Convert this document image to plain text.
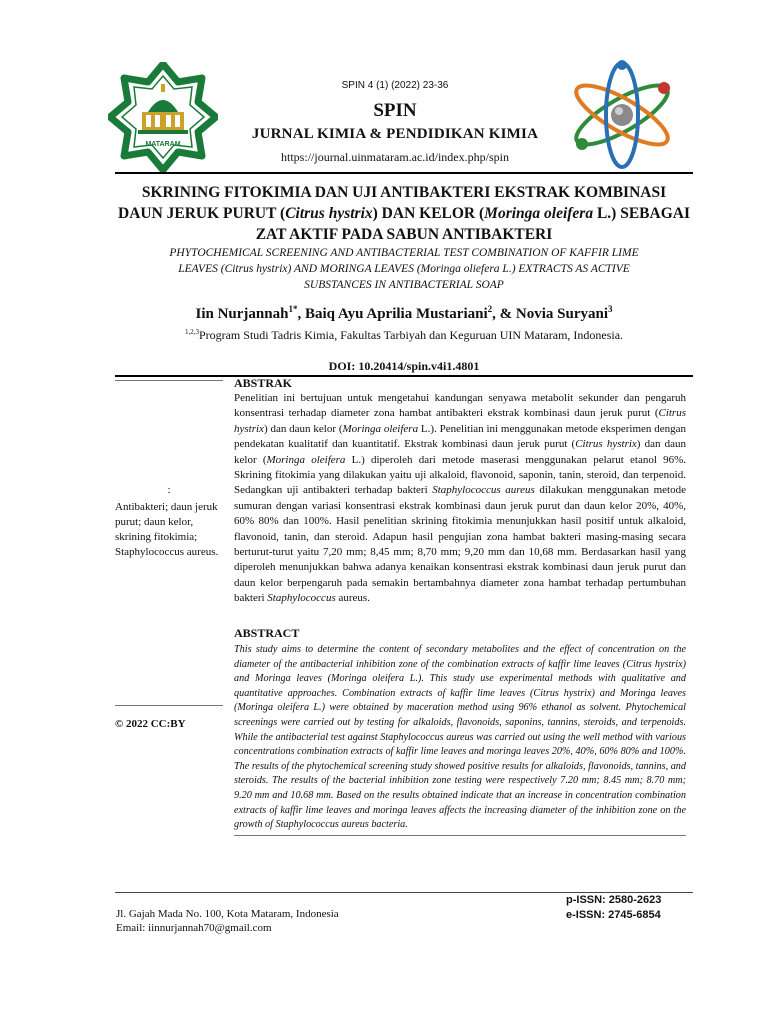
MATARAM
SPIN 4 (1) (2022) 23-36
SPIN
JURNAL KIMIA & PENDIDIKAN KIMIA
https://journal.uinmataram.ac.id/index.php/spin
SKRINING FITOKIMIA DAN UJI ANTIBAKTERI EKSTRAK KOMBINASI
DAUN JERUK PURUT (Citrus hystrix) DAN KELOR (Moringa oleifera L.) SEBAGAI
ZAT AKTIF PADA SABUN ANTIBAKTERI
PHYTOCHEMICAL SCREENING AND ANTIBACTERIAL TEST COMBINATION OF KAFFIR LIME
LEAVES (Citrus hystrix) AND MORINGA LEAVES (Moringa oliefera L.) EXTRACTS AS ACTIVE
SUBSTANCES IN ANTIBACTERIAL SOAP
Iin Nurjannah$^{1*}$, Baiq Ayu Aprilia Mustariani$^2$, & Novia Suryani$^3$
$^{1,2,3}$Program Studi Tadris Kimia, Fakultas Tarbiyah dan Keguruan UIN Mataram, Indonesia.
DOI: 10.20414/spin.v4i1.4801
:
Antibakteri; daun jeruk purut; daun kelor, skrining fitokimia; Staphylococcus aureus.
© 2022 CC:BY
ABSTRAK
Penelitian ini bertujuan untuk mengetahui kandungan senyawa metabolit sekunder dan pengaruh konsentrasi terhadap diameter zona hambat antibakteri ekstrak kombinasi daun jeruk purut (Citrus hystrix) dan daun kelor (Moringa oleifera L.). Penelitian ini menggunakan metode eksperimen dengan pendekatan kualitatif dan kuantitatif. Ekstrak kombinasi daun jeruk purut (Citrus hystrix) dan daun kelor (Moringa oleifera L.) diperoleh dari metode maserasi menggunakan pelarut etanol 96%. Skrining fitokimia yang dilakukan yaitu uji alkaloid, flavonoid, saponin, tanin, steroid, dan terpenoid. Sedangkan uji antibakteri terhadap bakteri Staphylococcus aureus dilakukan menggunakan metode sumuran dengan variasi konsentrasi ekstrak kombinasi daun jeruk purut dan daun kelor 20%, 40%, 60% 80% dan 100%. Hasil penelitian skrining fitokimia menunjukkan hasil positif untuk alkaloid, flavonoid, tanin, dan steroid. Adapun hasil pengujian zona hambat bakteri masing-masing secara berturut-turut yaitu 7,20 mm; 8,45 mm; 8,70 mm; 9,20 mm dan 10,68 mm. Berdasarkan hasil yang diperoleh menunjukkan bahwa adanya kenaikan konsentrasi ekstrak kombinasi daun jeruk purut dan daun kelor berpengaruh pada semakin bertambahnya diameter zona hambat terhadap pertumbuhan bakteri Staphylococcus aureus.
ABSTRACT
This study aims to determine the content of secondary metabolites and the effect of concentration on the diameter of the antibacterial inhibition zone of the combination extracts of kaffir lime leaves (Citrus hystrix) and Moringa leaves (Moringa oleifera L.). This study use experimental methods with qualitative and quantitative approaches. Combination extracts of kaffir lime leaves (Citrus hystrix) and Moringa leaves (Moringa oleifera L.) were obtained by maceration method using 96% ethanol as solvent. Phytochemical screenings were carried out by testing for alkaloids, flavonoids, saponins, tannins, steroids, and terpenoids. While the antibacterial test against Staphylococcus aureus was carried out using the well method with various concentrations combination extracts of kaffir lime leaves and moringa leaves 20%, 40%, 60% 80% and 100%. The results of the phytochemical screening study showed positive results for alkaloids, flavonoids, tannins, and steroids. The results of the bacterial inhibition zone testing were respectively 7.20 mm; 8.45 mm; 8.70 mm; 9.20 mm and 10.68 mm. Based on the results obtained indicate that an increase in concentration combination extracts of kaffir lime leaves and moringa leaves affects the increasing diameter of the inhibition zone on the growth of Staphylococcus aureus bacteria.
Jl. Gajah Mada No. 100, Kota Mataram, Indonesia
Email: iinnurjannah70@gmail.com
p-ISSN: 2580-2623
e-ISSN: 2745-6854
